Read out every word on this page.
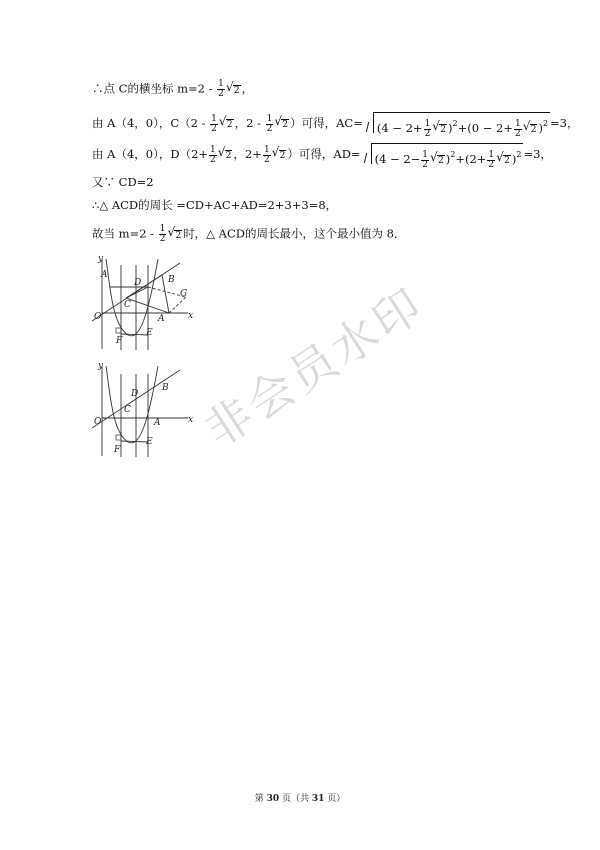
∴点 C的横坐标 $m=2 - \frac{1}{2}$ √ 2 ，
由 A（4，0），$C(2 - \frac{1}{2}$ √ 2 ，$2 - \frac{1}{2}$ √ 2 ）可得，$AC= (4 - 2+ \frac{1}{2}$ √ 2 )$^2+(0 - 2+ \frac{1}{2}$ √ 2 )$^2$ =3，
由 A（4，0），$D(2+ \frac{1}{2}$ √ 2 ，$2+ \frac{1}{2}$ √ 2 ）可得，$AD= (4 - 2- \frac{1}{2}$ √ 2 )$^2+(2+ \frac{1}{2}$ √ 2 )$^2$ =3，
又∵ CD=2
∴△ ACD的周长 =CD+AC+AD=2+3+3=8，
故当 $m=2 - \frac{1}{2}$ √ 2 时，△ ACD的周长最小，这个最小值为 8．
y
A	B
D
G
C
O	A	x
F
E
y
B
D
C
O	A	x
F
E 非会员水印
第 30 页（共 31 页）
